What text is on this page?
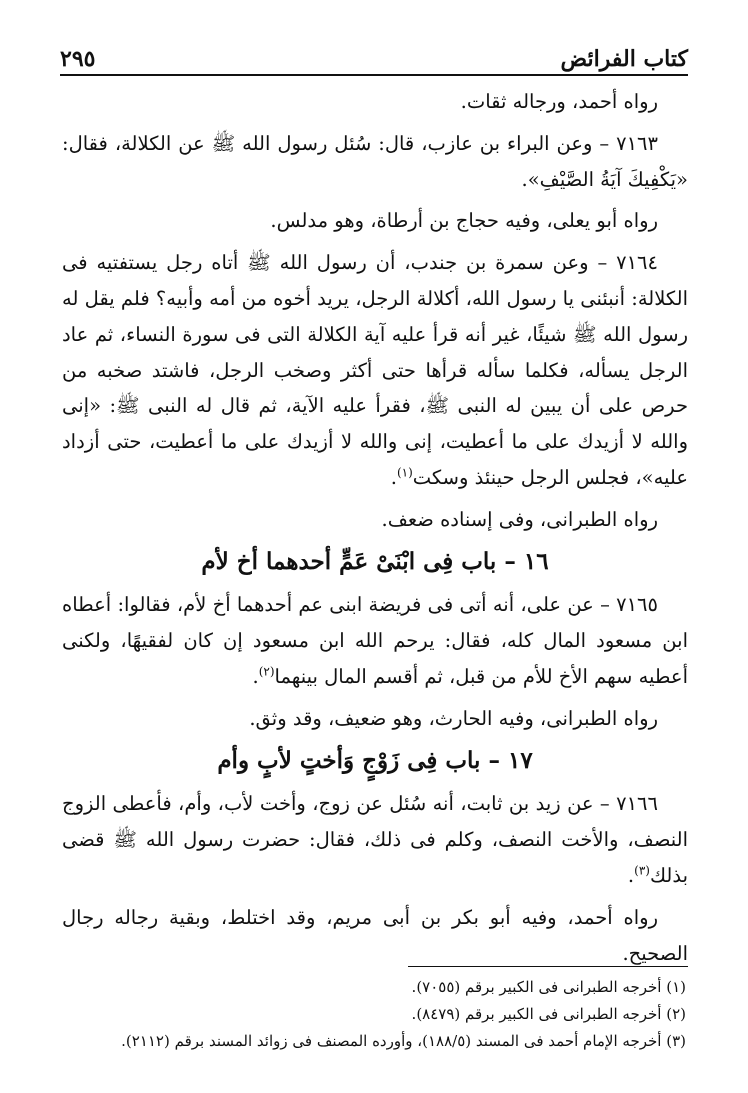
كتاب الفرائض
٢٩٥

رواه أحمد، ورجاله ثقات.

٧١٦٣ – وعن البراء بن عازب، قال: سُئل رسول الله ﷺ عن الكلالة، فقال: «يَكْفِيكَ آيَةُ الصَّيْفِ».

رواه أبو يعلى، وفيه حجاج بن أرطاة، وهو مدلس.

٧١٦٤ – وعن سمرة بن جندب، أن رسول الله ﷺ أتاه رجل يستفتيه فى الكلالة: أنبئنى يا رسول الله، أكلالة الرجل، يريد أخوه من أمه وأبيه؟ فلم يقل له رسول الله ﷺ شيئًا، غير أنه قرأ عليه آية الكلالة التى فى سورة النساء، ثم عاد الرجل يسأله، فكلما سأله قرأها حتى أكثر وصخب الرجل، فاشتد صخبه من حرص على أن يبين له النبى ﷺ، فقرأ عليه الآية، ثم قال له النبى ﷺ: «إنى والله لا أزيدك على ما أعطيت، إنى والله لا أزيدك على ما أعطيت، حتى أزداد عليه»، فجلس الرجل حينئذ وسكت$^{(١)}$.

رواه الطبرانى، وفى إسناده ضعف.

١٦ – باب فِى ابْنَىْ عَمٍّ أحدهما أخ لأم

٧١٦٥ – عن على، أنه أتى فى فريضة ابنى عم أحدهما أخ لأم، فقالوا: أعطاه ابن مسعود المال كله، فقال: يرحم الله ابن مسعود إن كان لفقيهًا، ولكنى أعطيه سهم الأخ للأم من قبل، ثم أقسم المال بينهما$^{(٢)}$.

رواه الطبرانى، وفيه الحارث، وهو ضعيف، وقد وثق.

١٧ – باب فِى زَوْجٍ وَأختٍ لأبٍ وأم

٧١٦٦ – عن زيد بن ثابت، أنه سُئل عن زوج، وأخت لأب، وأم، فأعطى الزوج النصف، والأخت النصف، وكلم فى ذلك، فقال: حضرت رسول الله ﷺ قضى بذلك$^{(٣)}$.

رواه أحمد، وفيه أبو بكر بن أبى مريم، وقد اختلط، وبقية رجاله رجال الصحيح.

(١) أخرجه الطبرانى فى الكبير برقم (٧٠٥٥).

(٢) أخرجه الطبرانى فى الكبير برقم (٨٤٧٩).

(٣) أخرجه الإمام أحمد فى المسند (١٨٨/٥)، وأورده المصنف فى زوائد المسند برقم (٢١١٢).
